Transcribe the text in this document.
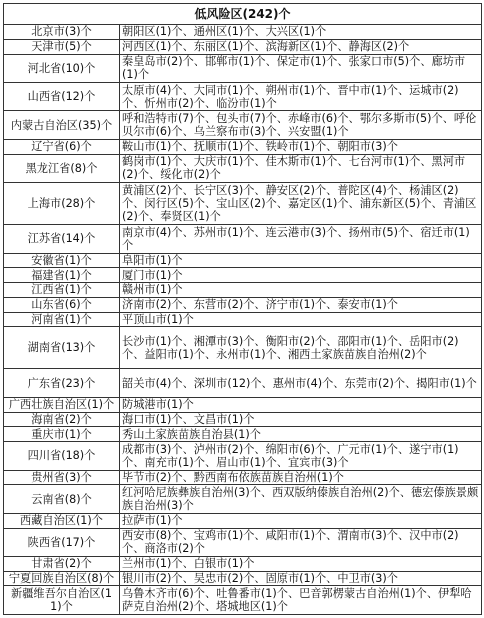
低风险区(242)个	
北京市(3)个	朝阳区(1)个、通州区(1)个、大兴区(1)个
天津市(5)个	河西区(1)个、东丽区(1)个、滨海新区(1)个、静海区(2)个
河北省(10)个	秦皇岛市(2)个、邯郸市(1)个、保定市(1)个、张家口市(5)个、廊坊市(1)个
山西省(12)个	太原市(4)个、大同市(1)个、朔州市(1)个、晋中市(1)个、运城市(2)个、忻州市(2)个、临汾市(1)个
内蒙古自治区(35)个	呼和浩特市(7)个、包头市(7)个、赤峰市(6)个、鄂尔多斯市(5)个、呼伦贝尔市(6)个、乌兰察布市(3)个、兴安盟(1)个
辽宁省(6)个	鞍山市(1)个、抚顺市(1)个、铁岭市(1)个、朝阳市(3)个
黑龙江省(8)个	鹤岗市(1)个、大庆市(1)个、佳木斯市(1)个、七台河市(1)个、黑河市(2)个、绥化市(2)个
上海市(28)个	黄浦区(2)个、长宁区(3)个、静安区(2)个、普陀区(4)个、杨浦区(2)个、闵行区(5)个、宝山区(2)个、嘉定区(1)个、浦东新区(5)个、青浦区(2)个、奉贤区(1)个
江苏省(14)个	南京市(4)个、苏州市(1)个、连云港市(3)个、扬州市(5)个、宿迁市(1)个
安徽省(1)个	阜阳市(1)个
福建省(1)个	厦门市(1)个
江西省(1)个	赣州市(1)个
山东省(6)个	济南市(2)个、东营市(2)个、济宁市(1)个、泰安市(1)个
河南省(1)个	平顶山市(1)个
湖南省(13)个	长沙市(1)个、湘潭市(3)个、衡阳市(2)个、邵阳市(1)个、岳阳市(2)个、益阳市(1)个、永州市(1)个、湘西土家族苗族自治州(2)个
广东省(23)个	韶关市(4)个、深圳市(12)个、惠州市(4)个、东莞市(2)个、揭阳市(1)个
广西壮族自治区(1)个	防城港市(1)个
海南省(2)个	海口市(1)个、文昌市(1)个
重庆市(1)个	秀山土家族苗族自治县(1)个
四川省(18)个	成都市(3)个、泸州市(2)个、绵阳市(6)个、广元市(1)个、遂宁市(1)个、南充市(1)个、眉山市(1)个、宜宾市(3)个
贵州省(3)个	毕节市(2)个、黔西南布依族苗族自治州(1)个
云南省(8)个	红河哈尼族彝族自治州(3)个、西双版纳傣族自治州(2)个、德宏傣族景颇族自治州(3)个
西藏自治区(1)个	拉萨市(1)个
陕西省(17)个	西安市(8)个、宝鸡市(1)个、咸阳市(1)个、渭南市(3)个、汉中市(2)个、商洛市(2)个
甘肃省(2)个	兰州市(1)个、白银市(1)个
宁夏回族自治区(8)个	银川市(2)个、吴忠市(2)个、固原市(1)个、中卫市(3)个
新疆维吾尔自治区(11)个	乌鲁木齐市(6)个、吐鲁番市(1)个、巴音郭楞蒙古自治州(1)个、伊犁哈萨克自治州(2)个、塔城地区(1)个
